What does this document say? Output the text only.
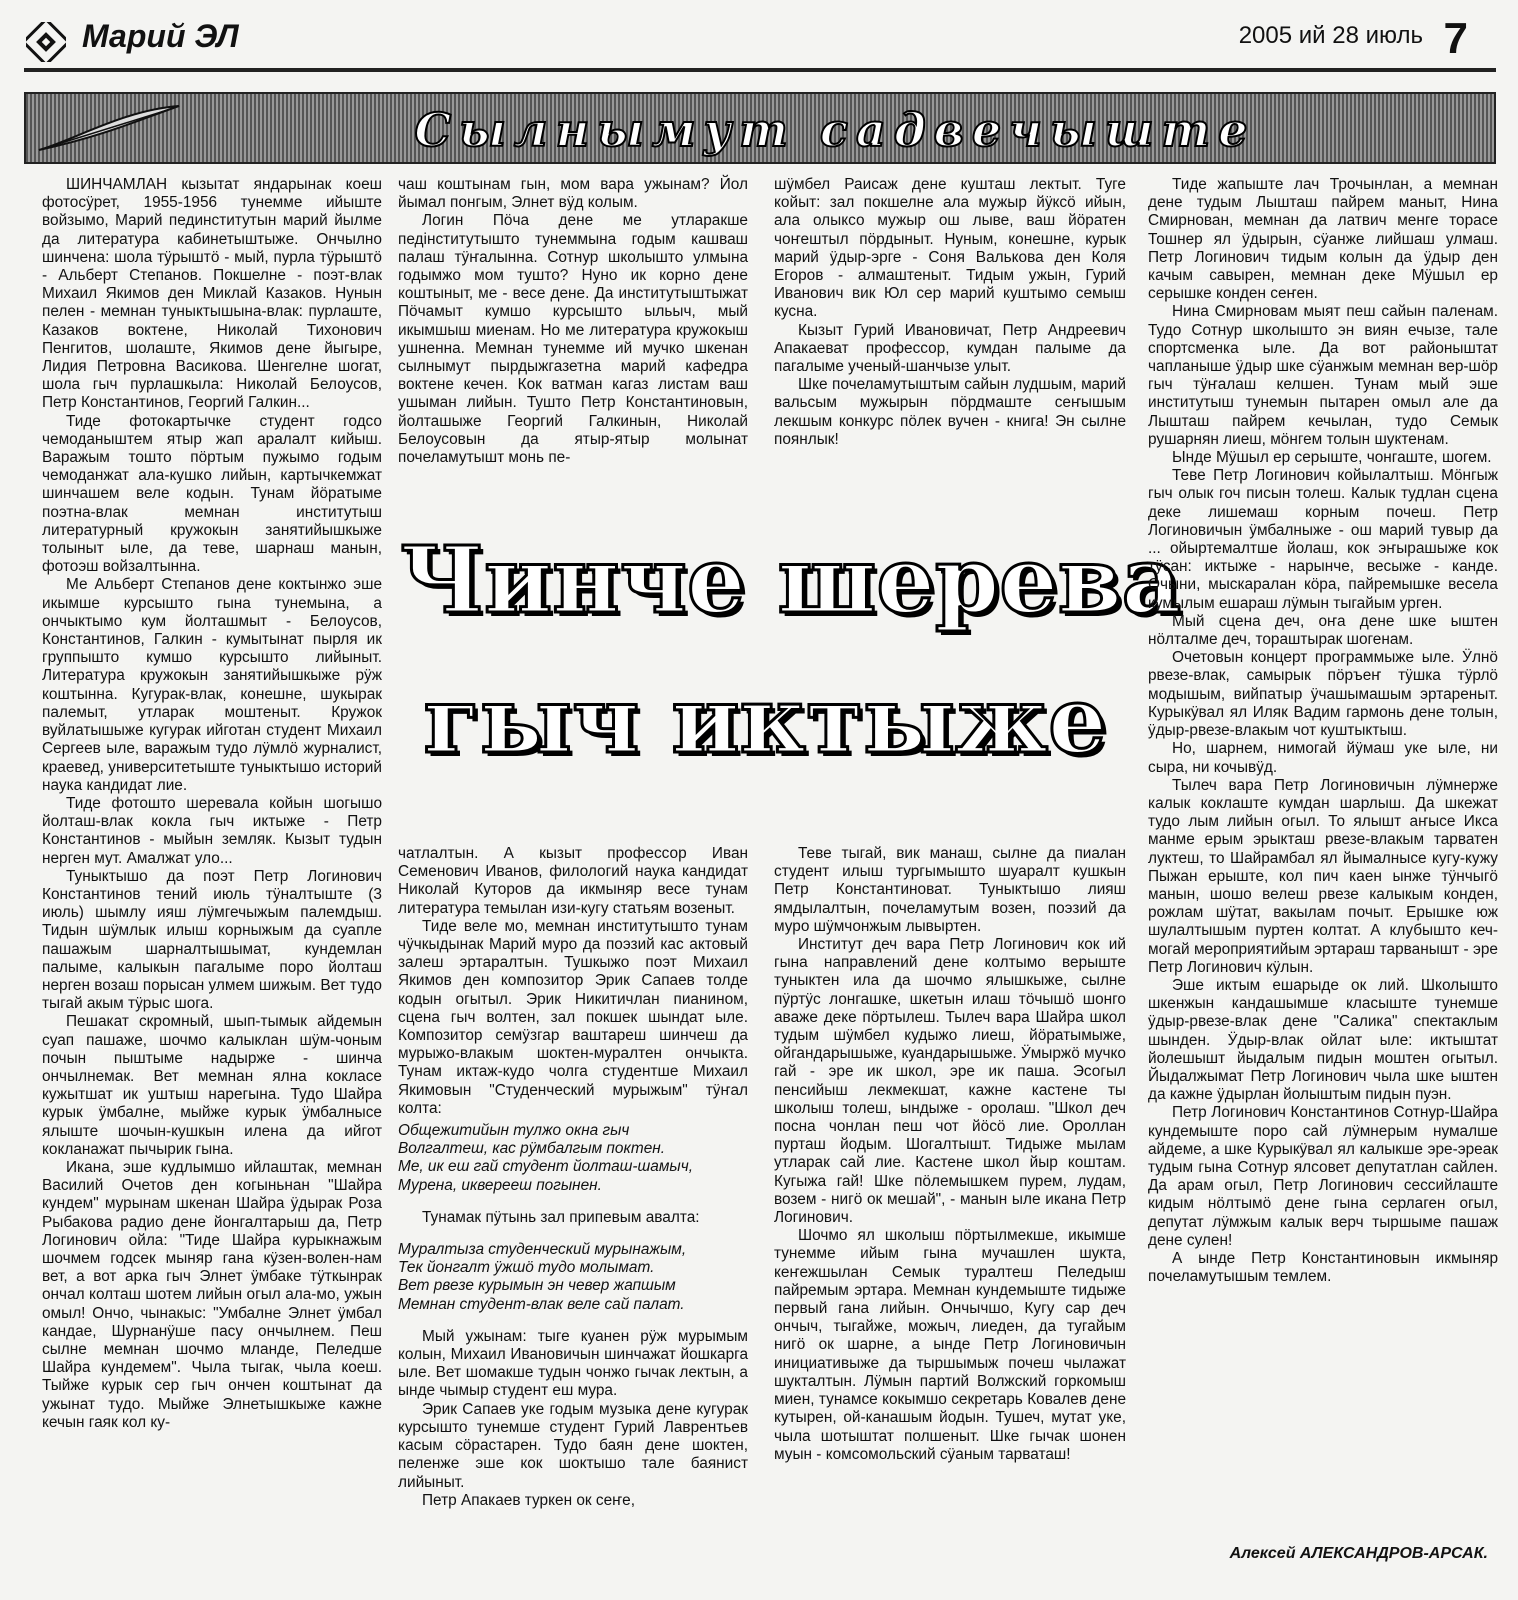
Марий ЭЛ	2005 ий 28 июль 7
Сылнымут садвечыште

ШИНЧАМЛАН кызытат яндарынак коеш фотосӱрет, 1955-1956 тунемме ийыште войзымо, Марий пединститутын марий йылме да литература кабинетыштыже. Ончылно шинчена: шола тӱрыштӧ - мый, пурла тӱрыштӧ - Альберт Степанов. Покшелне - поэт-влак Михаил Якимов ден Миклай Казаков. Нунын пелен - мемнан туныктышына-влак: пурлаште, Казаков воктене, Николай Тихонович Пенгитов, шолаште, Якимов дене йыгыре, Лидия Петровна Васикова. Шенгелне шогат, шола гыч пурлашкыла: Николай Белоусов, Петр Константинов, Георгий Галкин...

Тиде фотокартычке студент годсо чемоданыштем ятыр жап аралалт кийыш. Варажым тошто пӧртым пужымо годым чемоданжат ала-кушко лийын, картычкемжат шинчашем веле кодын. Тунам йӧратыме поэтна-влак мемнан институтыш литературный кружокын занятийышкыже толыныт ыле, да теве, шарнаш манын, фотоэш войзалтынна.

Ме Альберт Степанов дене коктынжо эше икымше курсышто гына тунемына, а ончыктымо кум йолташмыт - Белоусов, Константинов, Галкин - кумытынат пырля ик группышто кумшо курсышто лийыныт. Литература кружокын занятийышкыже рӱж коштынна. Кугурак-влак, конешне, шукырак палемыт, утларак моштеныт. Кружок вуйлатышыже кугурак ийготан студент Михаил Сергеев ыле, варажым тудо лӱмлӧ журналист, краевед, университетыште туныктышо историй наука кандидат лие.

Тиде фотошто шеревала койын шогышо йолташ-влак кокла гыч иктыже - Петр Константинов - мыйын земляк. Кызыт тудын нерген мут. Амалжат уло...

Туныктышо да поэт Петр Логинович Константинов тений июль тӱналтыште (3 июль) шымлу ияш лӱмгечыжым палемдыш. Тидын шӱмлык илыш корныжым да суапле пашажым шарналтышымат, кундемлан палыме, калыкын пагалыме поро йолташ нерген возаш порысан улмем шижым. Вет тудо тыгай акым тӱрыс шога.

Пешакат скромный, шып-тымык айдемын суап пашаже, шочмо калыклан шӱм-чоным почын пыштыме надырже - шинча ончылнемак. Вет мемнан ялна кокласе кужытшат ик уштыш нарегына. Тудо Шайра курык ӱмбалне, мыйже курык ӱмбалнысе ялыште шочын-кушкын илена да ийгот кокланажат пычырик гына.

Икана, эше кудлымшо ийлаштак, мемнан Василий Очетов ден когыньнан "Шайра кундем" мурынам шкенан Шайра ӱдырак Роза Рыбакова радио дене йонгалтарыш да, Петр Логинович ойла: "Тиде Шайра курыкнажым шочмем годсек мыняр гана кӱзен-волен-нам вет, а вот арка гыч Элнет ӱмбаке тӱткынрак ончал колташ шотем лийын огыл ала-мо, ужын омыл! Ончо, чынакыс: "Умбалне Элнет ӱмбал кандае, Шурнанӱше пасу ончылнем. Пеш сылне мемнан шочмо мланде, Пеледше Шайра кундемем". Чыла тыгак, чыла коеш. Тыйже курык сер гыч ончен коштынат да ужынат тудо. Мыйже Элнетышкыже кажне кечын гаяк кол ку-

чаш коштынам гын, мом вара ужынам? Йол йымал понгым, Элнет вӱд колым.

Логин Пӧча дене ме утларакше педінститутышто тунеммына годым кашваш палаш тӱҥалынна. Сотнур школышто улмына годымжо мом тушто? Нуно ик корно дене коштыныт, ме - весе дене. Да институтыштыжат Пӧчамыт кумшо курсышто ыльыч, мый икымшыш миенам. Но ме литература кружокыш ушненна. Мемнан тунемме ий мучко шкенан сылнымут пырдыжгазетна марий кафедра воктене кечен. Кок ватман кагаз листам ваш ушыман лийын. Тушто Петр Константиновын, йолташыже Георгий Галкинын, Николай Белоусовын да ятыр-ятыр молынат почеламутышт монь пе-

шӱмбел Раисаж дене кушташ лектыт. Туге койыт: зал покшелне ала мужыр йӱксӧ ийын, ала олыксо мужыр ош лыве, ваш йӧратен чоҥештыл пӧрдыныт. Нуным, конешне, курык марий ӱдыр-эрге - Соня Валькова ден Коля Егоров - алмаштеныт. Тидым ужын, Гурий Иванович вик Юл сер марий куштымо семыш кусна.

Кызыт Гурий Ивановичат, Петр Андреевич Апакаеват профессор, кумдан палыме да пагалыме ученый-шанчызе улыт.

Шке почеламутыштым сайын лудшым, марий вальсым мужырын пӧрдмаште сеҥышым лекшым конкурс пӧлек вучен - книга! Эн сылне поянлык!

Чинче шерева
гыч иктыже

чатлалтын. А кызыт профессор Иван Семенович Иванов, филологий наука кандидат Николай Куторов да икмыняр весе тунам литература темылан изи-кугу статьям возеныт.

Тиде веле мо, мемнан институтышто тунам чӱчкыдынак Марий муро да поэзий кас актовый залеш эртаралтын. Тушкыжо поэт Михаил Якимов ден композитор Эрик Сапаев толде кодын огытыл. Эрик Никитичлан пианином, сцена гыч волтен, зал покшек шындат ыле. Композитор семӱзгар ваштареш шинчеш да мурыжо-влакым шоктен-муралтен ончыкта. Тунам иктаж-кудо чолга студентше Михаил Якимовын "Студенческий мурыжым" тӱҥал колта:

Общежитийын тулжо окна гыч

Волгалтеш, кас рӱмбалгым поктен.

Ме, ик еш гай студент йолташ-шамыч,

Мурена, икверееш погынен.

Тунамак пӱтынь зал припевым авалта:

Муралтыза студенческий мурынажым,

Тек йонгалт ӱжшӧ тудо молымат.

Вет рвезе курымын эн чевер жапшым

Мемнан студент-влак веле сай палат.

Мый ужынам: тыге куанен рӱж мурымым колын, Михаил Ивановичын шинчажат йошкарга ыле. Вет шомакше тудын чонжо гычак лектын, а ынде чымыр студент еш мура.

Эрик Сапаев уке годым музыка дене кугурак курсышто тунемше студент Гурий Лаврентьев касым сӧрастарен. Тудо баян дене шоктен, пеленже эше кок шоктышо тале баянист лийыныт.

Петр Апакаев туркен ок сеҥе,

Теве тыгай, вик манаш, сылне да пиалан студент илыш тургымышто шуаралт кушкын Петр Константиноват. Туныктышо лияш ямдылалтын, почеламутым возен, поэзий да муро шӱмчонжым лывыртен.

Институт деч вара Петр Логинович кок ий гына направлений дене колтымо верыште туныктен ила да шочмо ялышкыже, сылне пӱртӱс лонгашке, шкетын илаш тӧчышӧ шонго аваже деке пӧртылеш. Тылеч вара Шайра школ тудым шӱмбел кудыжо лиеш, йӧратымыже, ойгандарышыже, куандарышыже. Ӱмыржӧ мучко гай - эре ик школ, эре ик паша. Эсогыл пенсийыш лекмекшат, кажне кастене ты школыш толеш, ындыже - оролаш. "Школ деч посна чонлан пеш чот йӧсӧ лие. Ороллан пурташ йодым. Шогалтышт. Тидыже мылам утларак сай лие. Кастене школ йыр коштам. Кугыжа гай! Шке пӧлемышкем пурем, лудам, возем - нигӧ ок мешай", - манын ыле икана Петр Логинович.

Шочмо ял школыш пӧртылмекше, икымше тунемме ийым гына мучашлен шукта, кеҥежшылан Семык туралтеш Пеледыш пайремым эртара. Мемнан кундемыште тидыже первый гана лийын. Ончычшо, Кугу сар деч ончыч, тыгайже, можыч, лиеден, да тугайым нигӧ ок шарне, а ынде Петр Логиновичын инициативыже да тыршымыж почеш чылажат шукталтын. Лӱмын партий Волжский горкомыш миен, тунамсе кокымшо секретарь Ковалев дене кутырен, ой-канашым йодын. Тушеч, мутат уке, чыла шотыштат полшеныт. Шке гычак шонен муын - комсомольский сӱаным тарваташ!

Тиде жапыште лач Трочынлан, а мемнан дене тудым Лышташ пайрем маныт, Нина Смирнован, мемнан да латвич менге торасе Тошнер ял ӱдырын, сӱанже лийшаш улмаш. Петр Логинович тидым колын да ӱдыр ден качым савырен, мемнан деке Мӱшыл ер серышке конден сеҥен.

Нина Смирновам мыят пеш сайын паленам. Тудо Сотнур школышто эн виян ечызе, тале спортсменка ыле. Да вот районыштат чапланыше ӱдыр шке сӱанжым мемнан вер-шӧр гыч тӱҥалаш келшен. Тунам мый эше институтыш тунемын пытарен омыл але да Лышташ пайрем кечылан, тудо Семык рушарнян лиеш, мӧнгем толын шуктенам.

Ынде Мӱшыл ер серыште, чонгаште, шогем.

Теве Петр Логинович койылалтыш. Мӧнгыж гыч олык гоч писын толеш. Калык тудлан сцена деке лишемаш корным почеш. Петр Логиновичын ӱмбалныже - ош марий тувыр да ... ойыртемалтше йолаш, кок эҥырашыже кок тӱсан: иктыже - нарынче, весыже - канде. Очыни, мыскаралан кӧра, пайремышке весела кумылым ешараш лӱмын тыгайым урген.

Мый сцена деч, оҥа дене шке ыштен нӧлталме деч, тораштырак шогенам.

Очетовын концерт программыже ыле. Ӱлнӧ рвезе-влак, самырык пӧръеҥ тӱшка тӱрлӧ модышым, вийпатыр ӱчашымашым эртареныт. Курыкӱвал ял Иляк Вадим гармонь дене толын, ӱдыр-рвезе-влакым чот куштыктыш.

Но, шарнем, нимогай йӱмаш уке ыле, ни сыра, ни кочывӱд.

Тылеч вара Петр Логиновичын лӱмнерже калык коклаште кумдан шарлыш. Да шкежат тудо лым лийын огыл. То ялышт аҥысе Икса манме ерым эрыкташ рвезе-влакым тарватен луктеш, то Шайрамбал ял йымалнысе кугу-кужу Пыжан ерыште, кол пич каен ынже тӱнчыгӧ манын, шошо велеш рвезе калыкым конден, рожлам шӱтат, вакылам почыт. Ерышке юж шулалтышым пуртен колтат. А клубышто кеч-могай мероприятийым эртараш тарванышт - эре Петр Логинович кӱлын.

Эше иктым ешарыде ок лий. Школышто шкенжын кандашымше класыште тунемше ӱдыр-рвезе-влак дене "Салика" спектаклым шынден. Ӱдыр-влак ойлат ыле: иктыштат йолешышт йыдалым пидын моштен огытыл. Йыдалжымат Петр Логинович чыла шке ыштен да кажне ӱдырлан йолыштым пидын пуэн.

Петр Логинович Константинов Сотнур-Шайра кундемыште поро сай лӱмнерым нумалше айдеме, а шке Курыкӱвал ял калыкше эре-эреак тудым гына Сотнур ялсовет депутатлан сайлен. Да арам огыл, Петр Логинович сессийлаште кидым нӧлтымӧ дене гына серлаген огыл, депутат лӱмжым калык верч тыршыме пашаж дене сулен!

А ынде Петр Константиновын икмыняр почеламутышым темлем.

Алексей АЛЕКСАНДРОВ-АРСАК.
